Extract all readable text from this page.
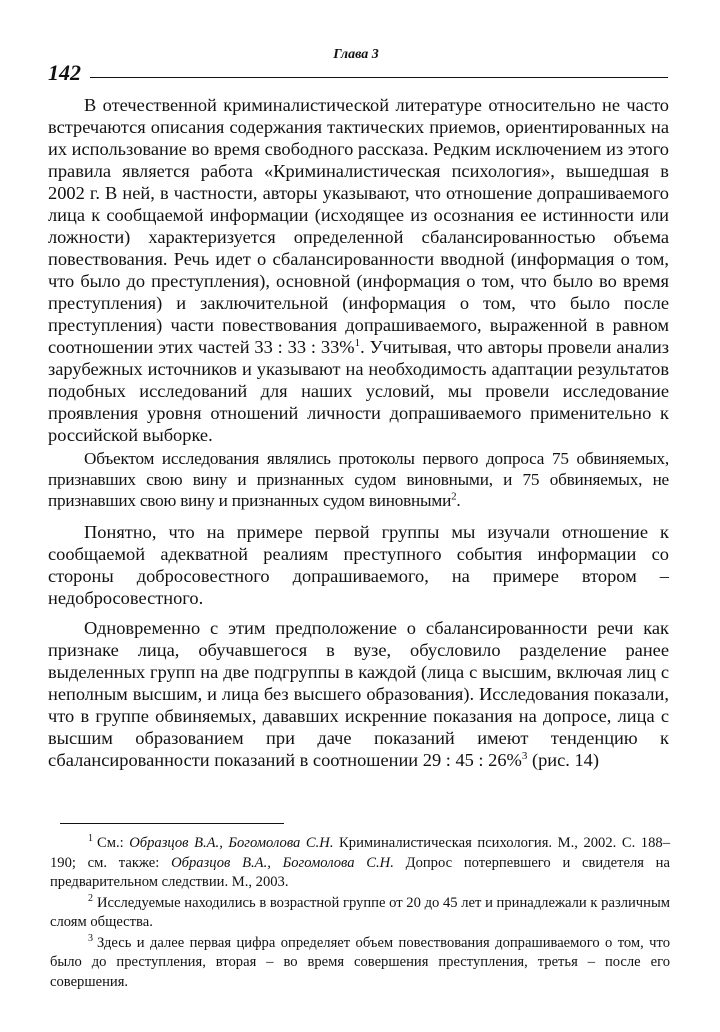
142
Глава 3

В отечественной криминалистической литературе относительно не часто встречаются описания содержания тактических приемов, ориентированных на их использование во время свободного рассказа. Редким исключением из этого правила является работа «Криминалистическая психология», вышедшая в 2002 г. В ней, в частности, авторы указывают, что отношение допрашиваемого лица к сообщаемой информации (исходящее из осознания ее истинности или ложности) характеризуется определенной сбалансированностью объема повествования. Речь идет о сбалансированности вводной (информация о том, что было до преступления), основной (информация о том, что было во время преступления) и заключительной (информация о том, что было после преступления) части повествования допрашиваемого, выраженной в равном соотношении этих частей 33 : 33 : 33%$^1$. Учитывая, что авторы провели анализ зарубежных источников и указывают на необходимость адаптации результатов подобных исследований для наших условий, мы провели исследование проявления уровня отношений личности допрашиваемого применительно к российской выборке.

Объектом исследования являлись протоколы первого допроса 75 обвиняемых, признавших свою вину и признанных судом виновными, и 75 обвиняемых, не признавших свою вину и признанных судом виновными$^2$.

Понятно, что на примере первой группы мы изучали отношение к сообщаемой адекватной реалиям преступного события информации со стороны добросовестного допрашиваемого, на примере втором – недобросовестного.

Одновременно с этим предположение о сбалансированности речи как признаке лица, обучавшегося в вузе, обусловило разделение ранее выделенных групп на две подгруппы в каждой (лица с высшим, включая лиц с неполным высшим, и лица без высшего образования). Исследования показали, что в группе обвиняемых, дававших искренние показания на допросе, лица с высшим образованием при даче показаний имеют тенденцию к сбалансированности показаний в соотношении 29 : 45 : 26%$^3$ (рис. 14)

$^1$ См.: Образцов В.А., Богомолова С.Н. Криминалистическая психология. М., 2002. С. 188–190; см. также: Образцов В.А., Богомолова С.Н. Допрос потерпевшего и свидетеля на предварительном следствии. М., 2003.

$^2$ Исследуемые находились в возрастной группе от 20 до 45 лет и принадлежали к различным слоям общества.

$^3$ Здесь и далее первая цифра определяет объем повествования допрашиваемого о том, что было до преступления, вторая – во время совершения преступления, третья – после его совершения.
